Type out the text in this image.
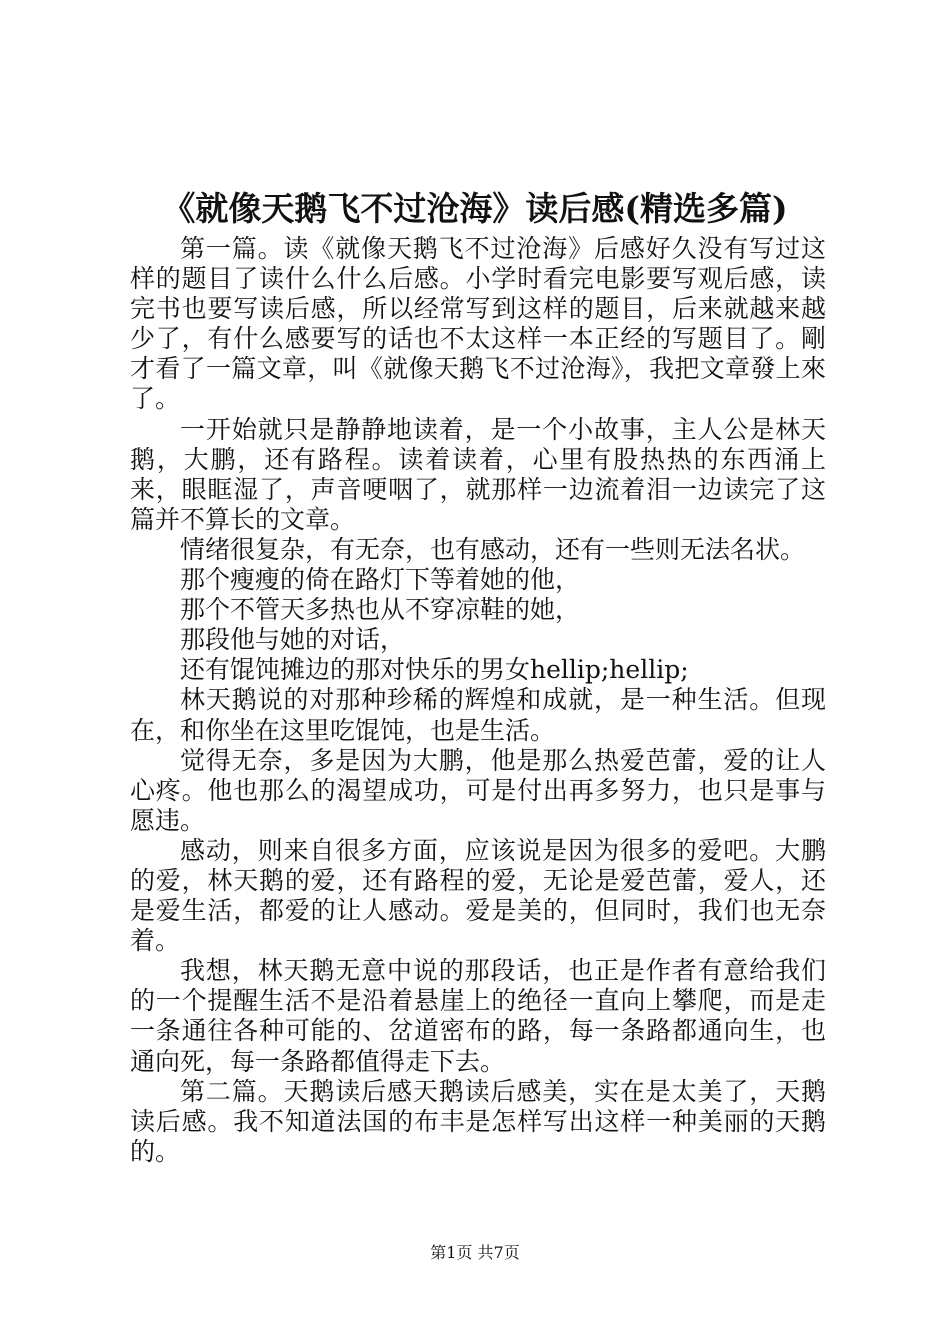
《就像天鹅飞不过沧海》读后感(精选多篇)

第一篇。读《就像天鹅飞不过沧海》后感好久没有写过这样的题目了读什么什么后感。小学时看完电影要写观后感，读完书也要写读后感，所以经常写到这样的题目，后来就越来越少了，有什么感要写的话也不太这样一本正经的写题目了。剛才看了一篇文章，叫《就像天鹅飞不过沧海》，我把文章發上來了。

一开始就只是静静地读着，是一个小故事，主人公是林天鹅，大鹏，还有路程。读着读着，心里有股热热的东西涌上来，眼眶湿了，声音哽咽了，就那样一边流着泪一边读完了这篇并不算长的文章。

情绪很复杂，有无奈，也有感动，还有一些则无法名状。

那个瘦瘦的倚在路灯下等着她的他，

那个不管天多热也从不穿凉鞋的她，

那段他与她的对话，

还有馄饨摊边的那对快乐的男女hellip;hellip;

林天鹅说的对那种珍稀的辉煌和成就，是一种生活。但现在，和你坐在这里吃馄饨，也是生活。

觉得无奈，多是因为大鹏，他是那么热爱芭蕾，爱的让人心疼。他也那么的渴望成功，可是付出再多努力，也只是事与愿违。

感动，则来自很多方面，应该说是因为很多的爱吧。大鹏的爱，林天鹅的爱，还有路程的爱，无论是爱芭蕾，爱人，还是爱生活，都爱的让人感动。爱是美的，但同时，我们也无奈着。

我想，林天鹅无意中说的那段话，也正是作者有意给我们的一个提醒生活不是沿着悬崖上的绝径一直向上攀爬，而是走一条通往各种可能的、岔道密布的路，每一条路都通向生，也通向死，每一条路都值得走下去。

第二篇。天鹅读后感天鹅读后感美，实在是太美了，天鹅读后感。我不知道法国的布丰是怎样写出这样一种美丽的天鹅的。

第1页 共7页
